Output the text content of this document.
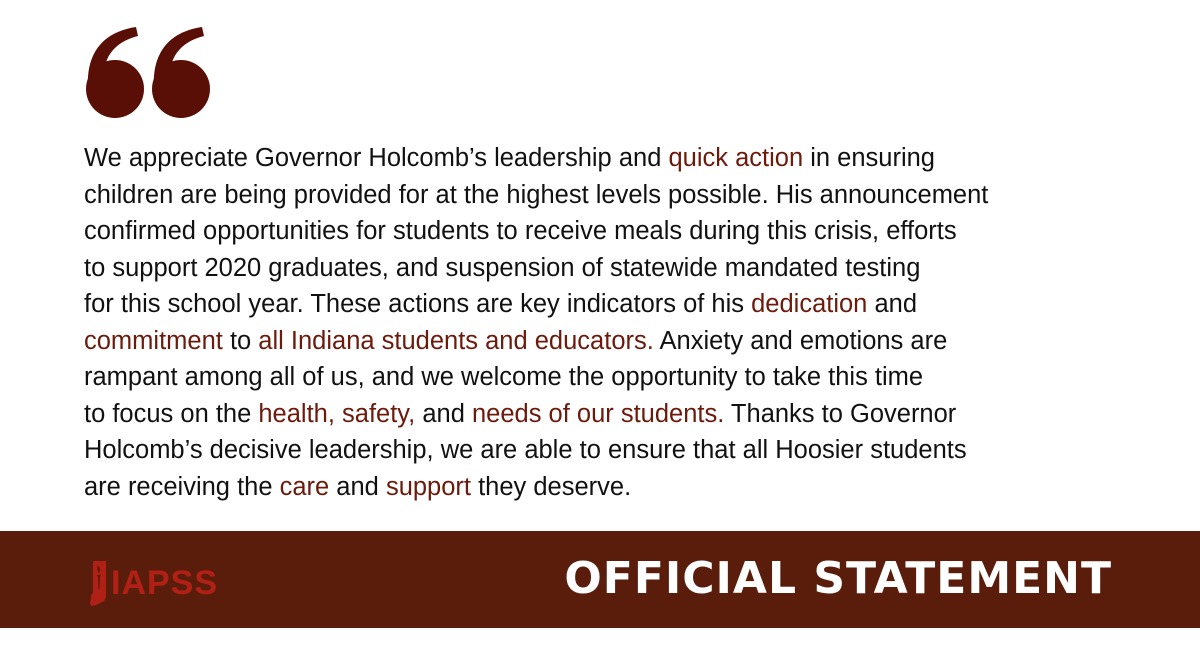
We appreciate Governor Holcomb’s leadership and quick action in ensuring

children are being provided for at the highest levels possible. His announcement

confirmed opportunities for students to receive meals during this crisis, efforts

to support 2020 graduates, and suspension of statewide mandated testing

for this school year. These actions are key indicators of his dedication and

commitment to all Indiana students and educators. Anxiety and emotions are

rampant among all of us, and we welcome the opportunity to take this time

to focus on the health, safety, and needs of our students. Thanks to Governor

Holcomb’s decisive leadership, we are able to ensure that all Hoosier students

are receiving the care and support they deserve.

IAPSS	OFFICIAL STATEMENT
